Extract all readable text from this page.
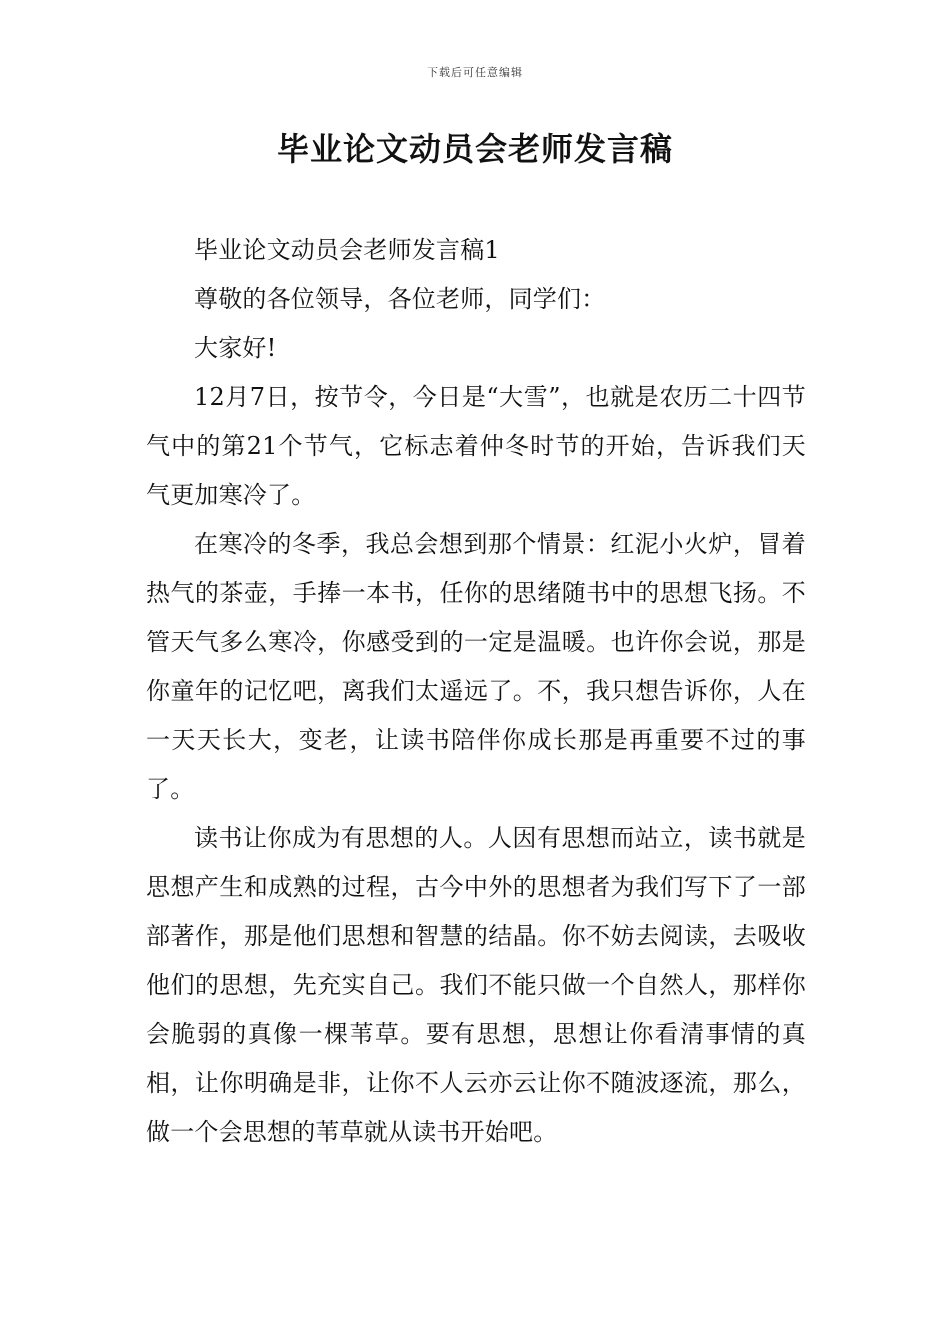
下载后可任意编辑
毕业论文动员会老师发言稿

毕业论文动员会老师发言稿1

尊敬的各位领导，各位老师，同学们：

大家好!

12月7日，按节令，今日是“大雪”，也就是农历二十四节气中的第21个节气，它标志着仲冬时节的开始，告诉我们天气更加寒冷了。

在寒冷的冬季，我总会想到那个情景：红泥小火炉，冒着热气的茶壶，手捧一本书，任你的思绪随书中的思想飞扬。不管天气多么寒冷，你感受到的一定是温暖。也许你会说，那是你童年的记忆吧，离我们太遥远了。不，我只想告诉你，人在一天天长大，变老，让读书陪伴你成长那是再重要不过的事了。

读书让你成为有思想的人。人因有思想而站立，读书就是思想产生和成熟的过程，古今中外的思想者为我们写下了一部部著作，那是他们思想和智慧的结晶。你不妨去阅读，去吸收他们的思想，先充实自己。我们不能只做一个自然人，那样你会脆弱的真像一棵苇草。要有思想，思想让你看清事情的真相，让你明确是非，让你不人云亦云让你不随波逐流，那么，做一个会思想的苇草就从读书开始吧。
